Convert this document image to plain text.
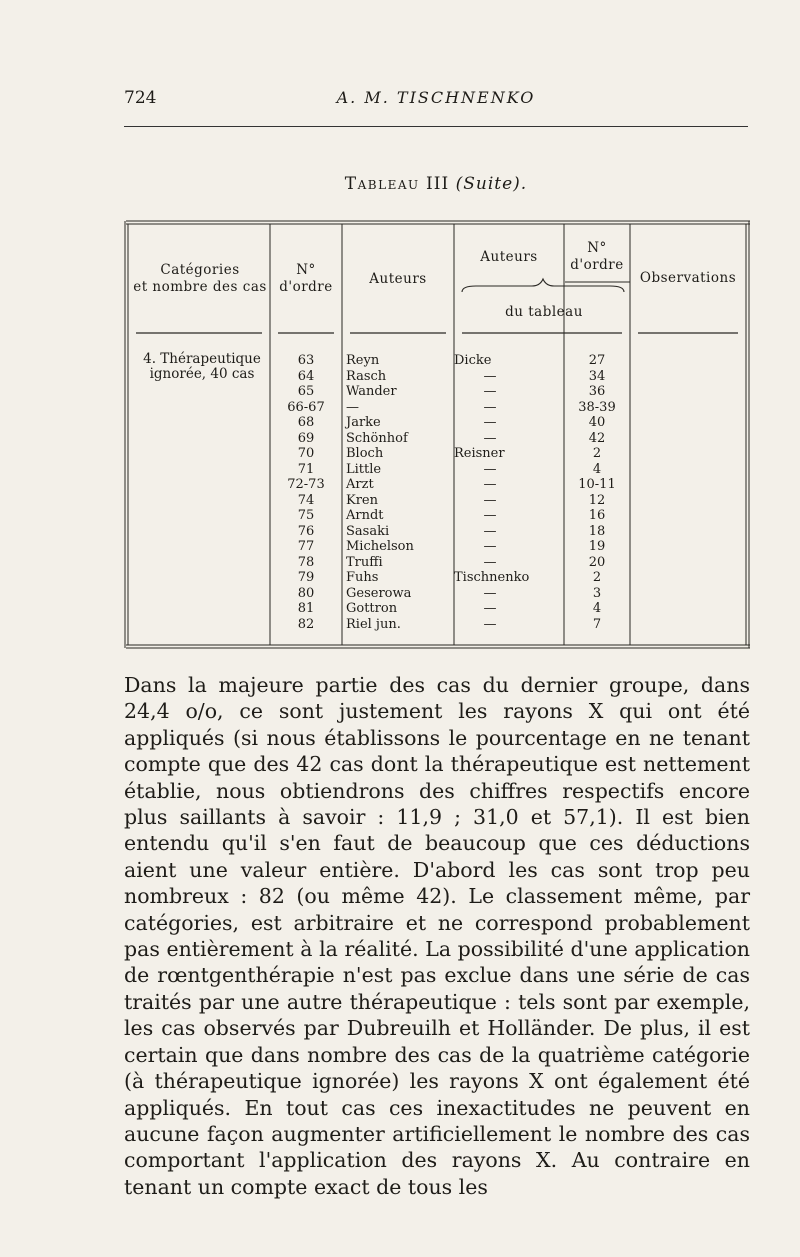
724	A. M. TISCHNENKO
Tableau III (Suite).
Catégories
et nombre des cas
N°
d'ordre	Auteurs
Auteurs
N°
d'ordre
du tableau
Observations
4. Thérapeutique
ignorée, 40 cas
63	Reyn	Dicke	27
64	Rasch	—	34
65	Wander	—	36
66-67	—	—	38-39
68	Jarke	—	40
69	Schönhof	—	42
70	Bloch	Reisner	2
71	Little	—	4
72-73	Arzt	—	10-11
74	Kren	—	12
75	Arndt	—	16
76	Sasaki	—	18
77	Michelson	—	19
78	Truffi	—	20
79	Fuhs	Tischnenko	2
80	Geserowa	—	3
81	Gottron	—	4
82	Riel jun.	—	7
Dans la majeure partie des cas du dernier groupe, dans 24,4 o/o, ce sont justement les rayons X qui ont été appliqués (si nous établissons le pourcentage en ne tenant compte que des 42 cas dont la thérapeutique est nettement établie, nous obtiendrons des chiffres respectifs encore plus saillants à savoir : 11,9 ; 31,0 et 57,1). Il est bien entendu qu'il s'en faut de beaucoup que ces déductions aient une valeur entière. D'abord les cas sont trop peu nombreux : 82 (ou même 42). Le classement même, par catégories, est arbitraire et ne correspond probablement pas entièrement à la réalité. La possibilité d'une application de rœntgenthérapie n'est pas exclue dans une série de cas traités par une autre thérapeutique : tels sont par exemple, les cas observés par Dubreuilh et Holländer. De plus, il est certain que dans nombre des cas de la quatrième catégorie (à thérapeutique ignorée) les rayons X ont également été appliqués. En tout cas ces inexactitudes ne peuvent en aucune façon augmenter artificiellement le nombre des cas comportant l'application des rayons X. Au contraire en tenant un compte exact de tous les
